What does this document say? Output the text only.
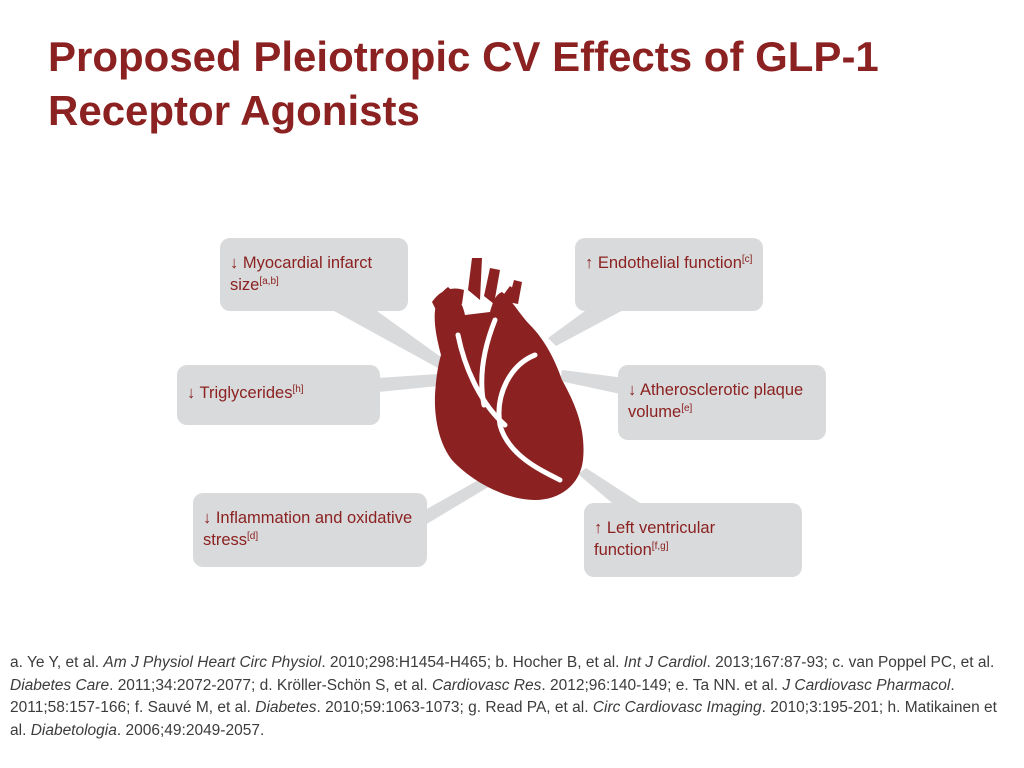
Proposed Pleiotropic CV Effects of GLP-1 Receptor Agonists
↓ Myocardial infarct size[a,b]
↑ Endothelial function[c]
↓ Triglycerides[h]	↓ Atherosclerotic plaque volume[e]
↓ Inflammation and oxidative stress[d]	↑ Left ventricular function[f,g]

a. Ye Y, et al. Am J Physiol Heart Circ Physiol. 2010;298:H1454-H465; b. Hocher B, et al. Int J Cardiol. 2013;167:87-93; c. van Poppel PC, et al. Diabetes Care. 2011;34:2072-2077; d. Kröller-Schön S, et al. Cardiovasc Res. 2012;96:140-149; e. Ta NN. et al. J Cardiovasc Pharmacol. 2011;58:157-166; f. Sauvé M, et al. Diabetes. 2010;59:1063-1073; g. Read PA, et al. Circ Cardiovasc Imaging. 2010;3:195-201; h. Matikainen et al. Diabetologia. 2006;49:2049-2057.
